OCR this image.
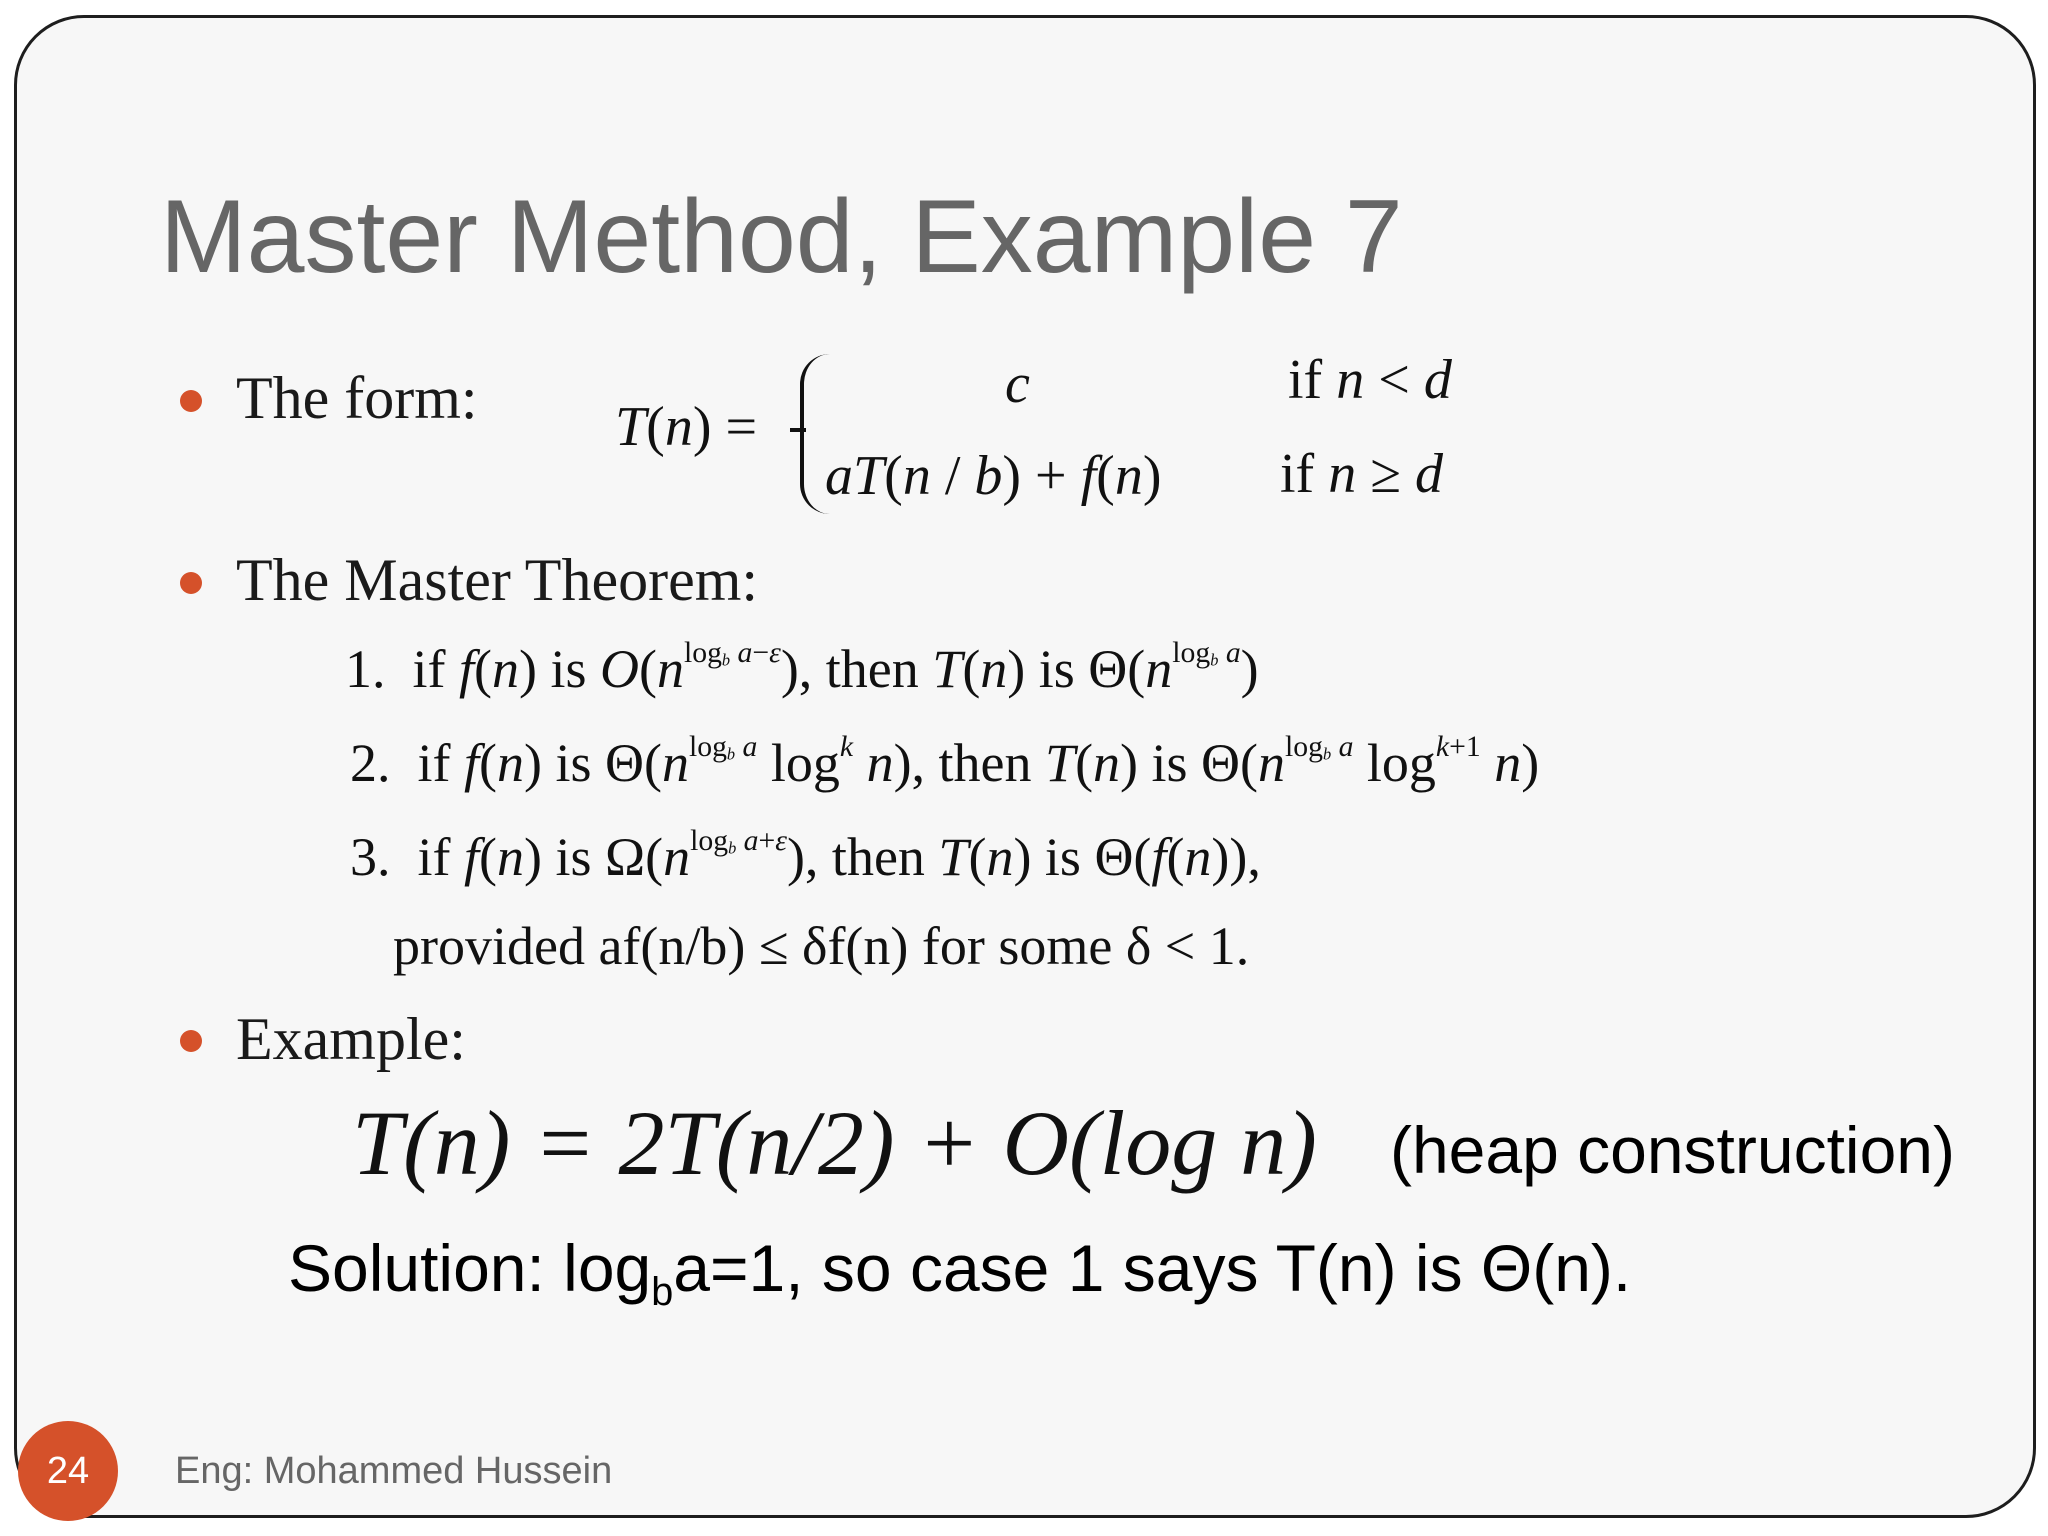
Master Method, Example 7
The form: T(n) =
c	if n < d
aT(n / b) + f(n) if n ≥ d
The Master Theorem:
1.  if f(n) is $O(n^{log_b a-\varepsilon})$, then T(n) is $\Theta(n^{log_b a})$
2.  if f(n) is $\Theta(n^{log_b a}$ $\log^k n$), then T(n) is $\Theta(n^{log_b a}$ $\log^{k+1} n$)
3.  if f(n) is $\Omega(n^{log_b a+\varepsilon})$, then T(n) is Θ(f(n)),
provided af(n/b) ≤ δf(n) for some δ < 1.
Example:
T(n) = 2T(n/2) + O(log n) (heap construction)
Solution: $\log_ba=1$, so case 1 says T(n) is Θ(n).
24	Eng: Mohammed Hussein
